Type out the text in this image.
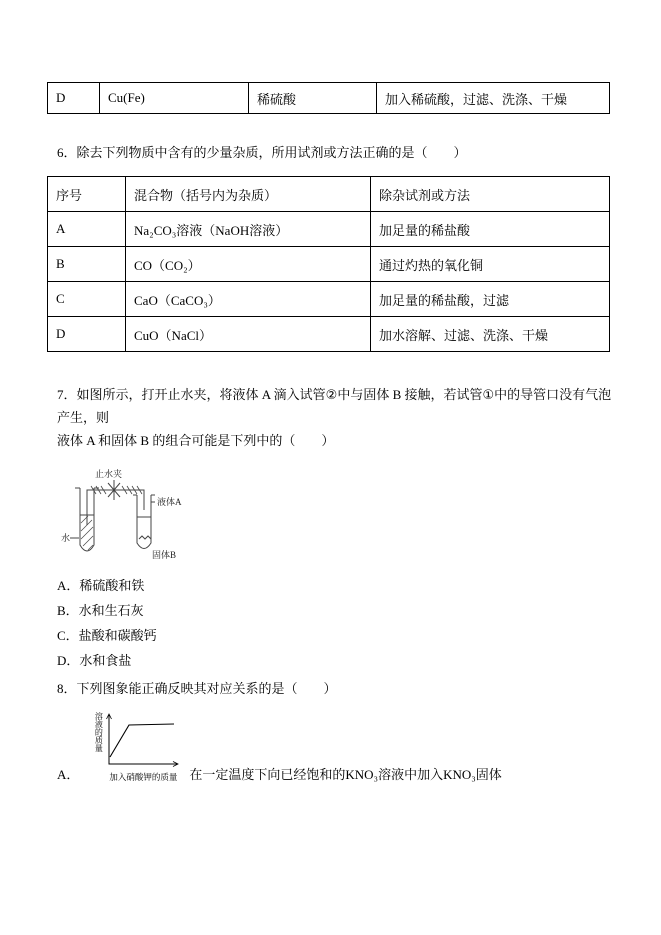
D	Cu(Fe)	稀硫酸	加入稀硫酸，过滤、洗涤、干燥
6．除去下列物质中含有的少量杂质，所用试剂或方法正确的是（　　）
序号	混合物（括号内为杂质）	除杂试剂或方法
A	Na₂CO₃溶液（NaOH溶液）	加足量的稀盐酸
B	CO（CO₂）	通过灼热的氧化铜
C	CaO（CaCO₃）	加足量的稀盐酸，过滤
D	CuO（NaCl）	加水溶解、过滤、洗涤、干燥
7．如图所示，打开止水夹，将液体 A 滴入试管②中与固体 B 接触，若试管①中的导管口没有气泡产生，则
液体 A 和固体 B 的组合可能是下列中的（　　）
止水夹
液体A
水
固体B
A．稀硫酸和铁
B．水和生石灰
C．盐酸和碳酸钙
D．水和食盐
8．下列图象能正确反映其对应关系的是（　　）
A．
溶液的质量
加入硝酸钾的质量 在一定温度下向已经饱和的KNO₃溶液中加入KNO₃固体
